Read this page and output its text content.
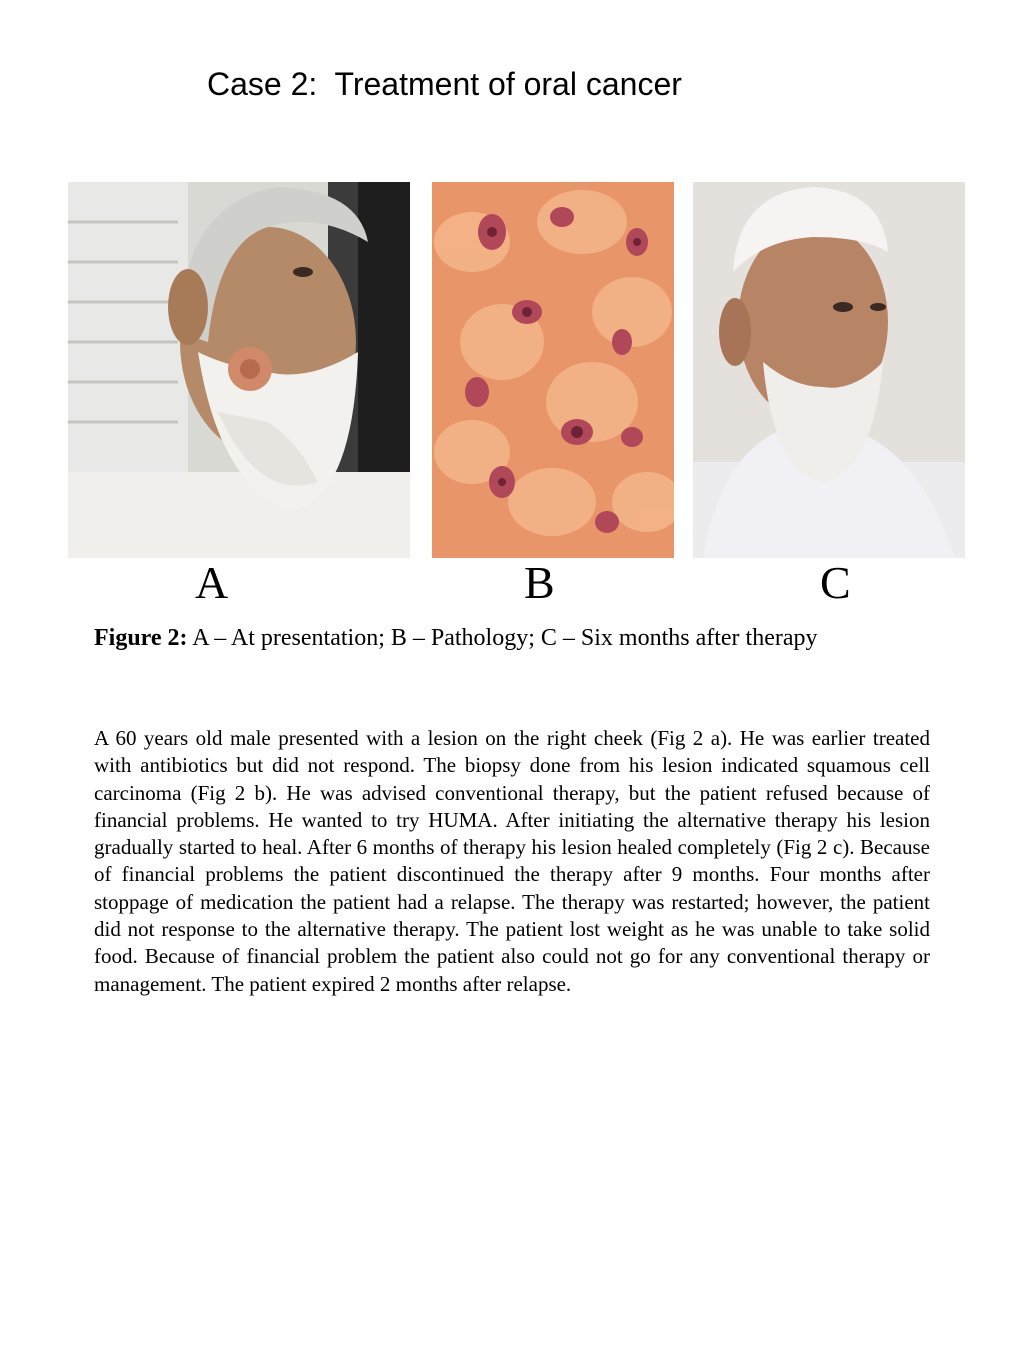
Case 2:  Treatment of oral cancer
A	B	C
Figure 2: A – At presentation; B – Pathology; C – Six months after therapy
A 60 years old male presented with a lesion on the right cheek (Fig 2 a). He was earlier treated with antibiotics but did not respond. The biopsy done from his lesion indicated squamous cell carcinoma (Fig 2 b). He was advised conventional therapy, but the patient refused because of financial problems. He wanted to try HUMA. After initiating the alternative therapy his lesion gradually started to heal. After 6 months of therapy his lesion healed completely (Fig 2 c). Because of financial problems the patient discontinued the therapy after 9 months. Four months after stoppage of medication the patient had a relapse. The therapy was restarted; however, the patient did not response to the alternative therapy. The patient lost weight as he was unable to take solid food. Because of financial problem the patient also could not go for any conventional therapy or management. The patient expired 2 months after relapse.
